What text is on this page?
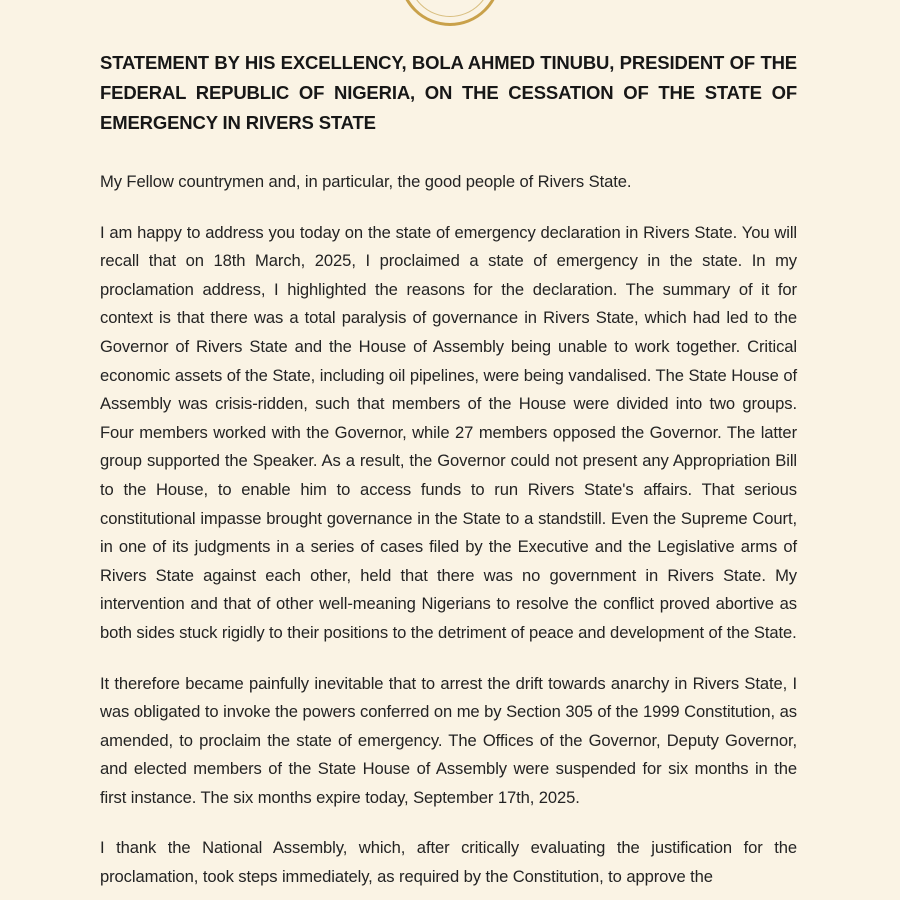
STATEMENT BY HIS EXCELLENCY, BOLA AHMED TINUBU, PRESIDENT OF THE FEDERAL REPUBLIC OF NIGERIA, ON THE CESSATION OF THE STATE OF EMERGENCY IN RIVERS STATE

My Fellow countrymen and, in particular, the good people of Rivers State.

I am happy to address you today on the state of emergency declaration in Rivers State. You will recall that on 18th March, 2025, I proclaimed a state of emergency in the state. In my proclamation address, I highlighted the reasons for the declaration. The summary of it for context is that there was a total paralysis of governance in Rivers State, which had led to the Governor of Rivers State and the House of Assembly being unable to work together. Critical economic assets of the State, including oil pipelines, were being vandalised. The State House of Assembly was crisis-ridden, such that members of the House were divided into two groups. Four members worked with the Governor, while 27 members opposed the Governor. The latter group supported the Speaker. As a result, the Governor could not present any Appropriation Bill to the House, to enable him to access funds to run Rivers State's affairs. That serious constitutional impasse brought governance in the State to a standstill. Even the Supreme Court, in one of its judgments in a series of cases filed by the Executive and the Legislative arms of Rivers State against each other, held that there was no government in Rivers State. My intervention and that of other well-meaning Nigerians to resolve the conflict proved abortive as both sides stuck rigidly to their positions to the detriment of peace and development of the State.

It therefore became painfully inevitable that to arrest the drift towards anarchy in Rivers State, I was obligated to invoke the powers conferred on me by Section 305 of the 1999 Constitution, as amended, to proclaim the state of emergency. The Offices of the Governor, Deputy Governor, and elected members of the State House of Assembly were suspended for six months in the first instance. The six months expire today, September 17th, 2025.

I thank the National Assembly, which, after critically evaluating the justification for the proclamation, took steps immediately, as required by the Constitution, to approve the
